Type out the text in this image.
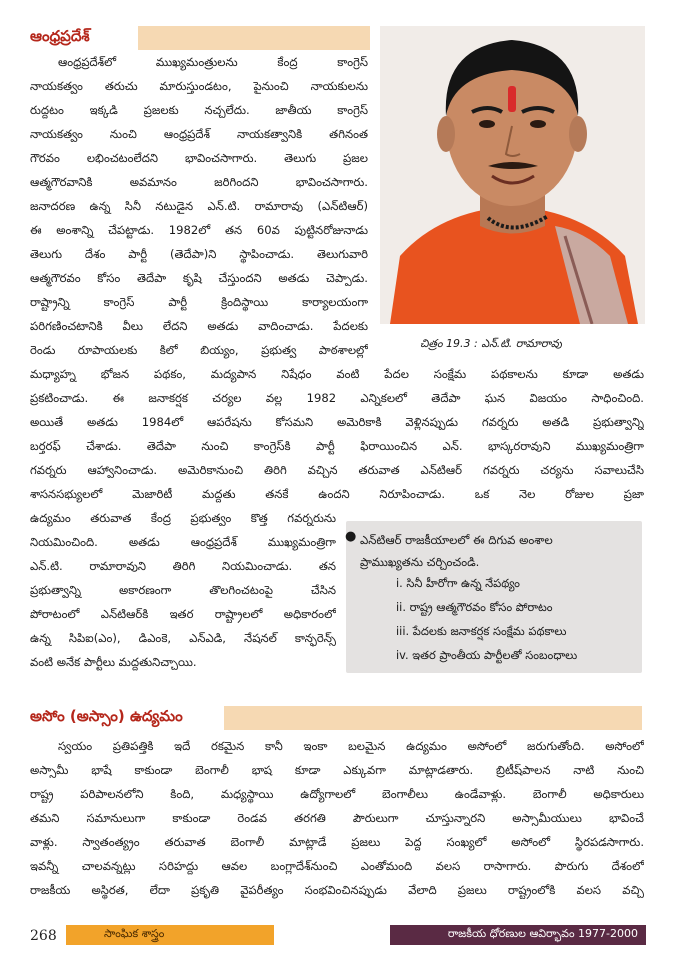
ఆంధ్రప్రదేశ్
చిత్రం 19.3 : ఎన్.టి. రామారావు
ఆంధ్రప్రదేశ్‌లో ముఖ్యమంత్రులను కేంద్ర కాంగ్రెస్
నాయకత్వం తరుచు మారుస్తుండటం, పైనుంచి నాయకులను
రుద్దటం ఇక్కడి ప్రజలకు నచ్చలేదు. జాతీయ కాంగ్రెస్
నాయకత్వం నుంచి ఆంధ్రప్రదేశ్ నాయకత్వానికి తగినంత
గౌరవం లభించటంలేదని భావించసాగారు. తెలుగు ప్రజల
ఆత్మగౌరవానికి అవమానం జరిగిందని భావించసాగారు.
జనాదరణ ఉన్న సినీ నటుడైన ఎన్.టి. రామారావు (ఎన్‌టిఆర్)
ఈ అంశాన్ని చేపట్టాడు. 1982లో తన 60వ పుట్టినరోజునాడు
తెలుగు దేశం పార్టీ (తెదేపా)ని స్థాపించాడు. తెలుగువారి
ఆత్మగౌరవం కోసం తెదేపా కృషి చేస్తుందని అతడు చెప్పాడు.
రాష్ట్రాన్ని కాంగ్రెస్ పార్టీ క్రిందిస్థాయి కార్యాలయంగా
పరిగణించటానికి వీలు లేదని అతడు వాదించాడు. పేదలకు
రెండు రూపాయలకు కిలో బియ్యం, ప్రభుత్వ పాఠశాలల్లో
మధ్యాహ్న భోజన పథకం, మద్యపాన నిషేధం వంటి పేదల సంక్షేమ పథకాలను కూడా అతడు
ప్రకటించాడు. ఈ జనాకర్షక చర్యల వల్ల 1982 ఎన్నికలలో తెదేపా ఘన విజయం సాధించింది.
అయితే అతడు 1984లో ఆపరేషను కోసమని అమెరికాకి వెళ్లినప్పుడు గవర్నరు అతడి ప్రభుత్వాన్ని
బర్తరఫ్ చేశాడు. తెదేపా నుంచి కాంగ్రెస్‌కి పార్టీ ఫిరాయించిన ఎన్. భాస్కరరావుని ముఖ్యమంత్రిగా
గవర్నరు ఆహ్వానించాడు. అమెరికానుంచి తిరిగి వచ్చిన తరువాత ఎన్‌టిఆర్ గవర్నరు చర్యను సవాలుచేసి
శాసనసభ్యులలో మెజారిటీ మద్దతు తనకే ఉందని నిరూపించాడు. ఒక నెల రోజుల ప్రజా
ఉద్యమం తరువాత కేంద్ర ప్రభుత్వం కొత్త గవర్నరును
నియమించింది. అతడు ఆంధ్రప్రదేశ్ ముఖ్యమంత్రిగా
ఎన్.టి. రామారావుని తిరిగి నియమించాడు. తన
ప్రభుత్వాన్ని అకారణంగా తొలగించటంపై చేసిన
పోరాటంలో ఎన్‌టిఆర్‌కి ఇతర రాష్ట్రాలలో అధికారంలో
ఉన్న సిపిఐ(ఎం), డిఎంకె, ఎన్‌ఎడి, నేషనల్ కాన్ఫరెన్స్
వంటి అనేక పార్టీలు మద్దతునిచ్చాయి.
● ఎన్‌టిఆర్ రాజకీయాలలో ఈ దిగువ అంశాల
ప్రాముఖ్యతను చర్చించండి.
i. సినీ హీరోగా ఉన్న నేపథ్యం
ii. రాష్ట్ర ఆత్మగౌరవం కోసం పోరాటం
iii. పేదలకు జనాకర్షక సంక్షేమ పథకాలు
iv. ఇతర ప్రాంతీయ పార్టీలతో సంబంధాలు
అసోం (అస్సాం) ఉద్యమం
స్వయం ప్రతిపత్తికి ఇదే రకమైన కానీ ఇంకా బలమైన ఉద్యమం అసోంలో జరుగుతోంది. అసోంలో
అస్సామీ భాషే కాకుండా బెంగాలీ భాష కూడా ఎక్కువగా మాట్లాడతారు. బ్రిటీష్‌పాలన నాటి నుంచి
రాష్ట్ర పరిపాలనలోని కింది, మధ్యస్థాయి ఉద్యోగాలలో బెంగాలీలు ఉండేవాళ్లు. బెంగాలీ అధికారులు
తమని సమానులుగా కాకుండా రెండవ తరగతి పౌరులుగా చూస్తున్నారని అస్సామీయులు భావించే
వాళ్లు. స్వాతంత్య్రం తరువాత బెంగాలీ మాట్లాడే ప్రజలు పెద్ద సంఖ్యలో అసోంలో స్థిరపడసాగారు.
ఇవన్నీ చాలవన్నట్లు సరిహద్దు ఆవల బంగ్లాదేశ్‌నుంచి ఎంతోమంది వలస రాసాగారు. పొరుగు దేశంలో
రాజకీయ అస్థిరత, లేదా ప్రకృతి వైపరీత్యం సంభవించినప్పుడు వేలాది ప్రజలు రాష్ట్రంలోకి వలస వచ్చి
268	సాంఘిక శాస్త్రం	రాజకీయ ధోరణుల ఆవిర్భావం 1977-2000
